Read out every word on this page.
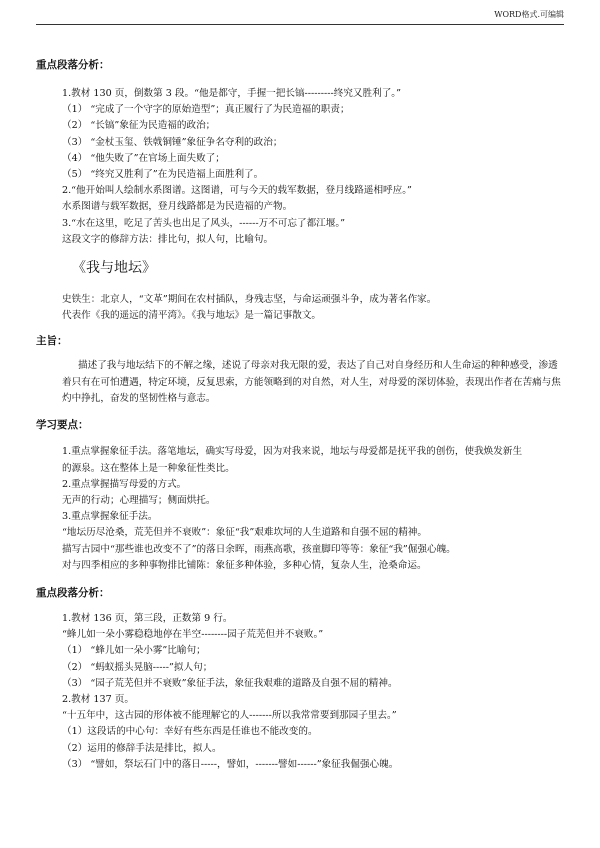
WORD格式.可编辑

重点段落分析：

1.教材 130 页，倒数第 3 段。“他是都守，手握一把长镐---------终究又胜利了。”

（1） “完成了一个守字的原始造型”；真正履行了为民造福的职责；

（2） “长镐”象征为民造福的政治；

（3） “金杖玉玺、铁戟铜锤”象征争名夺利的政治；

（4） “他失败了”在官场上面失败了；

（5） “终究又胜利了”在为民造福上面胜利了。

2.“他开始叫人绘制水系图谱。这图谱，可与今天的载军数据，登月线路遥相呼应。”

水系图谱与载军数据，登月线路都是为民造福的产物。

3.“水在这里，吃足了苦头也出足了风头，------万不可忘了都江堰。”

这段文字的修辞方法：排比句，拟人句，比喻句。

《我与地坛》

史铁生：北京人，“文革”期间在农村插队，身残志坚，与命运顽强斗争，成为著名作家。

代表作《我的遥远的清平湾》。《我与地坛》是一篇记事散文。

主旨：

描述了我与地坛结下的不解之缘，述说了母亲对我无限的爱，表达了自己对自身经历和人生命运的种种感受，渗透着只有在可怕遭遇，特定环境，反复思索，方能领略到的对自然，对人生，对母爱的深切体验，表现出作者在苦痛与焦灼中挣扎，奋发的坚韧性格与意志。

学习要点：

1.重点掌握象征手法。落笔地坛，确实写母爱，因为对我来说，地坛与母爱都是抚平我的创伤，使我焕发新生

的源泉。这在整体上是一种象征性类比。

2.重点掌握描写母爱的方式。

无声的行动；心理描写；侧面烘托。

3.重点掌握象征手法。

“地坛历尽沧桑，荒芜但并不衰败”：象征“我”艰难坎坷的人生道路和自强不屈的精神。

描写古园中“那些谁也改变不了”的落日余晖，雨燕高歌，孩童脚印等等：象征“我”倔强心魄。

对与四季相应的多种事物排比铺陈：象征多种体验，多种心情，复杂人生，沧桑命运。

重点段落分析：

1.教材 136 页，第三段，正数第 9 行。

“蜂儿如一朵小雾稳稳地停在半空--------园子荒芜但并不衰败。”

（1） “蜂儿如一朵小雾”比喻句；

（2） “蚂蚁摇头晃脑-----”拟人句；

（3） “园子荒芜但并不衰败”象征手法，象征我艰难的道路及自强不屈的精神。

2.教材 137 页。

“十五年中，这古园的形体被不能理解它的人-------所以我常常要到那园子里去。”

（1）这段话的中心句：幸好有些东西是任谁也不能改变的。

（2）运用的修辞手法是排比，拟人。

（3） “譬如，祭坛石门中的落日-----，譬如，-------譬如------”象征我倔强心魄。
